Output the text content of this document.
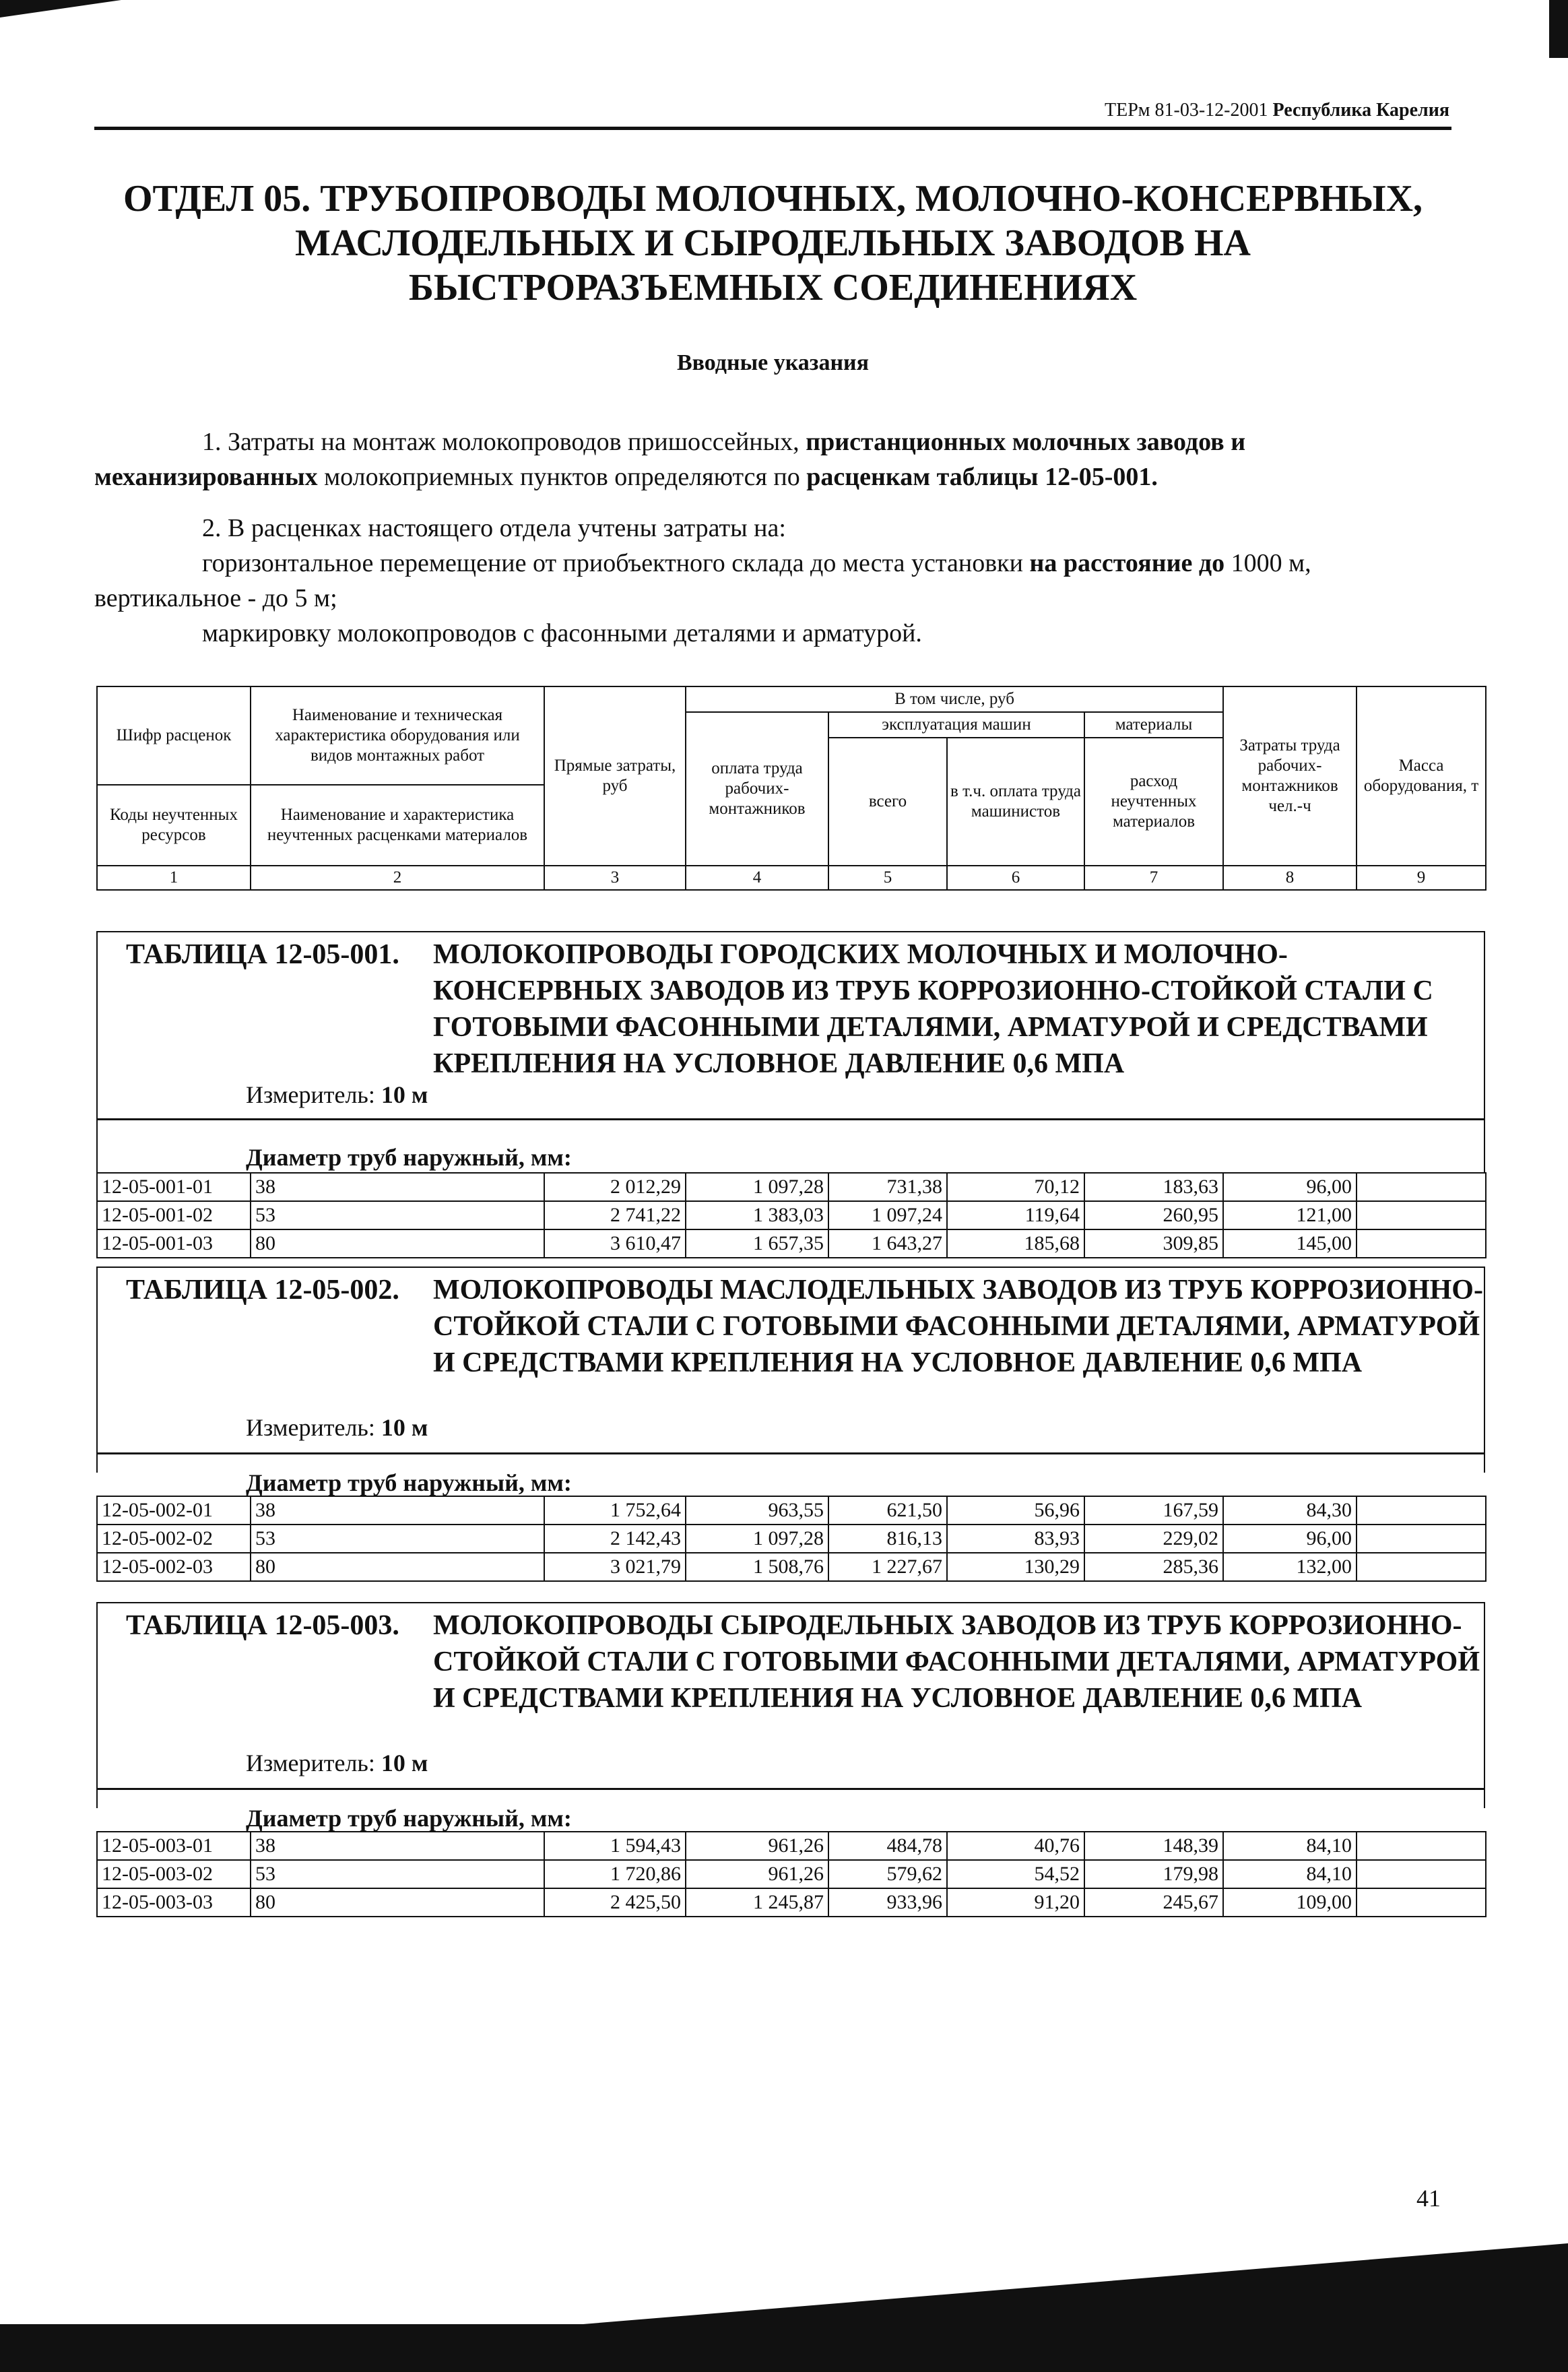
ТЕРм 81-03-12-2001 Республика Карелия
ОТДЕЛ 05. ТРУБОПРОВОДЫ МОЛОЧНЫХ, МОЛОЧНО-КОНСЕРВНЫХ, МАСЛОДЕЛЬНЫХ И СЫРОДЕЛЬНЫХ ЗАВОДОВ НА БЫСТРОРАЗЪЕМНЫХ СОЕДИНЕНИЯХ
Вводные указания
1. Затраты на монтаж молокопроводов пришоссейных, пристанционных молочных заводов и механизированных молокоприемных пунктов определяются по расценкам таблицы 12-05-001.
2. В расценках настоящего отдела учтены затраты на:
горизонтальное перемещение от приобъектного склада до места установки на расстояние до 1000 м, вертикальное - до 5 м;
маркировку молокопроводов с фасонными деталями и арматурой.
Шифр расценок	Наименование и техническая характеристика оборудования или видов монтажных работ	Прямые затраты, руб	В том числе, руб				Затраты труда рабочих-монтажников чел.-ч	Масса оборудования, т
			оплата труда рабочих-монтажников	эксплуатация машин		материалы		
				всего	в т.ч. оплата труда машинистов	расход неучтенных материалов		
Коды неучтенных ресурсов	Наименование и характеристика неучтенных расценками материалов							

1	2	3	4	5	6	7	8	9
ТАБЛИЦА 12-05-001. МОЛОКОПРОВОДЫ ГОРОДСКИХ МОЛОЧНЫХ И МОЛОЧНО-КОНСЕРВНЫХ ЗАВОДОВ ИЗ ТРУБ КОРРОЗИОННО-СТОЙКОЙ СТАЛИ С ГОТОВЫМИ ФАСОННЫМИ ДЕТАЛЯМИ, АРМАТУРОЙ И СРЕДСТВАМИ КРЕПЛЕНИЯ НА УСЛОВНОЕ ДАВЛЕНИЕ 0,6 МПА
Измеритель: 10 м
Диаметр труб наружный, мм:
12-05-001-01	38	2 012,29	1 097,28	731,38	70,12	183,63	96,00	
12-05-001-02	53	2 741,22	1 383,03	1 097,24	119,64	260,95	121,00	
12-05-001-03	80	3 610,47	1 657,35	1 643,27	185,68	309,85	145,00	
ТАБЛИЦА 12-05-002. МОЛОКОПРОВОДЫ МАСЛОДЕЛЬНЫХ ЗАВОДОВ ИЗ ТРУБ КОРРОЗИОННО-СТОЙКОЙ СТАЛИ С ГОТОВЫМИ ФАСОННЫМИ ДЕТАЛЯМИ, АРМАТУРОЙ И СРЕДСТВАМИ КРЕПЛЕНИЯ НА УСЛОВНОЕ ДАВЛЕНИЕ 0,6 МПА
Измеритель: 10 м
Диаметр труб наружный, мм:
12-05-002-01	38	1 752,64	963,55	621,50	56,96	167,59	84,30	
12-05-002-02	53	2 142,43	1 097,28	816,13	83,93	229,02	96,00	
12-05-002-03	80	3 021,79	1 508,76	1 227,67	130,29	285,36	132,00	
ТАБЛИЦА 12-05-003. МОЛОКОПРОВОДЫ СЫРОДЕЛЬНЫХ ЗАВОДОВ ИЗ ТРУБ КОРРОЗИОННО-СТОЙКОЙ СТАЛИ С ГОТОВЫМИ ФАСОННЫМИ ДЕТАЛЯМИ, АРМАТУРОЙ И СРЕДСТВАМИ КРЕПЛЕНИЯ НА УСЛОВНОЕ ДАВЛЕНИЕ 0,6 МПА
Измеритель: 10 м
Диаметр труб наружный, мм:
12-05-003-01	38	1 594,43	961,26	484,78	40,76	148,39	84,10	
12-05-003-02	53	1 720,86	961,26	579,62	54,52	179,98	84,10	
12-05-003-03	80	2 425,50	1 245,87	933,96	91,20	245,67	109,00	
41
